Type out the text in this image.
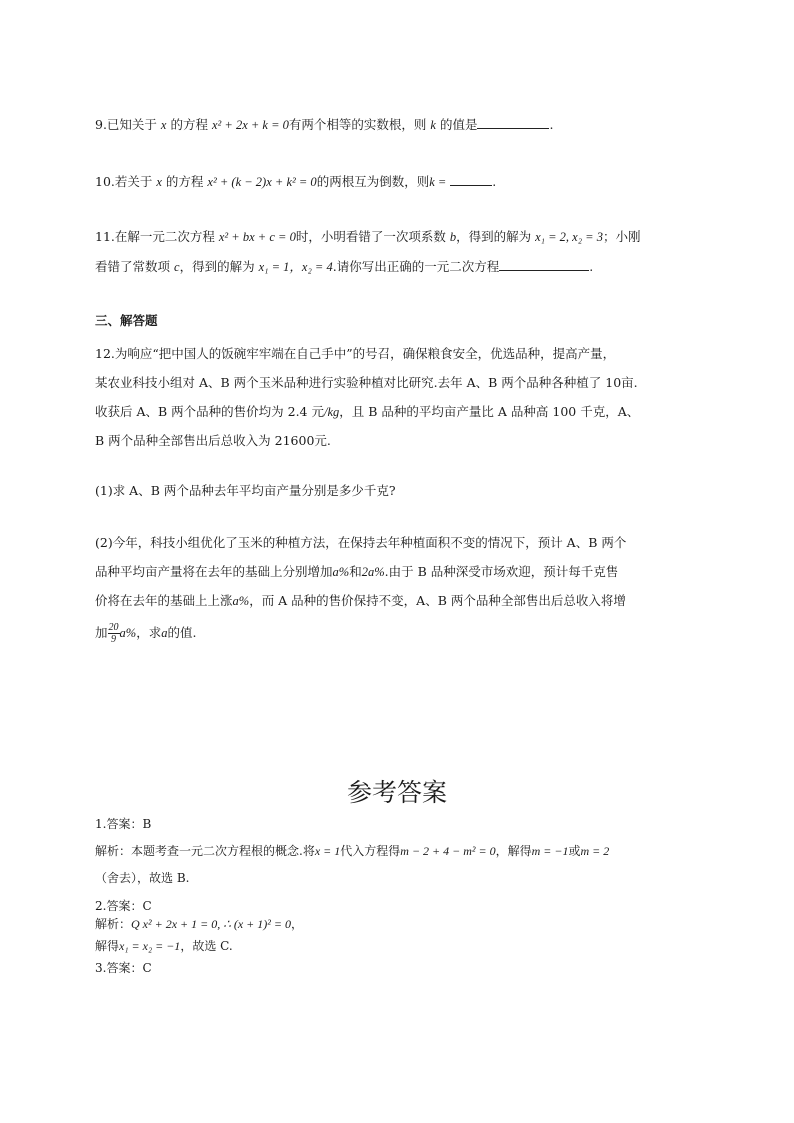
9.已知关于 x 的方程 x² + 2x + k = 0有两个相等的实数根，则 k 的值是	.
10.若关于 x 的方程 x² + (k − 2)x + k² = 0的两根互为倒数，则k =	.
11.在解一元二次方程 x² + bx + c = 0时，小明看错了一次项系数 b，得到的解为 x₁ = 2, x₂ = 3；小刚
看错了常数项 c，得到的解为 x₁ = 1，x₂ = 4.请你写出正确的一元二次方程	.
三、解答题
12.为响应“把中国人的饭碗牢牢端在自己手中”的号召，确保粮食安全，优选品种，提高产量，
某农业科技小组对 A、B 两个玉米品种进行实验种植对比研究.去年 A、B 两个品种各种植了 10亩.
收获后 A、B 两个品种的售价均为 2.4 元/kg，且 B 品种的平均亩产量比 A 品种高 100 千克，A、
B 两个品种全部售出后总收入为 21600元.
(1)求 A、B 两个品种去年平均亩产量分别是多少千克?
(2)今年，科技小组优化了玉米的种植方法，在保持去年种植面积不变的情况下，预计 A、B 两个
品种平均亩产量将在去年的基础上分别增加a%和2a%.由于 B 品种深受市场欢迎，预计每千克售
价将在去年的基础上上涨a%，而 A 品种的售价保持不变，A、B 两个品种全部售出后总收入将增
加 $\frac{20}{9} a\%$，求a的值.
参考答案
1.答案：B
解析：本题考查一元二次方程根的概念.将x = 1代入方程得m − 2 + 4 − m² = 0，解得m = −1或m = 2
（舍去），故选 B.
2.答案：C
解析：Q x² + 2x + 1 = 0, ∴ (x + 1)² = 0，
解得x₁ = x₂ = −1，故选 C.
3.答案：C
